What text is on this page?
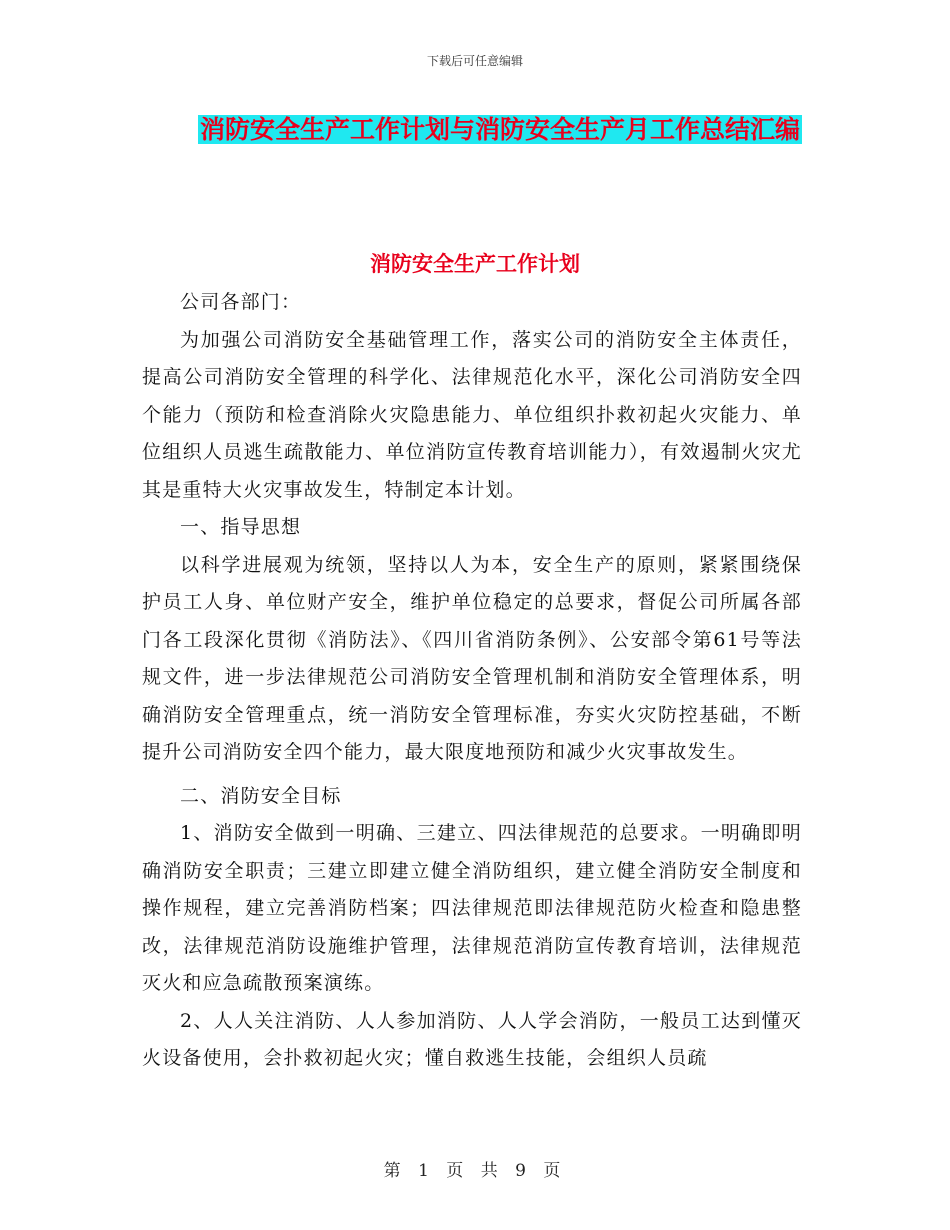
下载后可任意编辑
消防安全生产工作计划与消防安全生产月工作总结汇编
消防安全生产工作计划

公司各部门：

为加强公司消防安全基础管理工作，落实公司的消防安全主体责任，提高公司消防安全管理的科学化、法律规范化水平，深化公司消防安全四个能力（预防和检查消除火灾隐患能力、单位组织扑救初起火灾能力、单位组织人员逃生疏散能力、单位消防宣传教育培训能力），有效遏制火灾尤其是重特大火灾事故发生，特制定本计划。

一、指导思想

以科学进展观为统领，坚持以人为本，安全生产的原则，紧紧围绕保护员工人身、单位财产安全，维护单位稳定的总要求，督促公司所属各部门各工段深化贯彻《消防法》、《四川省消防条例》、公安部令第61号等法规文件，进一步法律规范公司消防安全管理机制和消防安全管理体系，明确消防安全管理重点，统一消防安全管理标准，夯实火灾防控基础，不断提升公司消防安全四个能力，最大限度地预防和减少火灾事故发生。

二、消防安全目标

1、消防安全做到一明确、三建立、四法律规范的总要求。一明确即明确消防安全职责；三建立即建立健全消防组织，建立健全消防安全制度和操作规程，建立完善消防档案；四法律规范即法律规范防火检查和隐患整改，法律规范消防设施维护管理，法律规范消防宣传教育培训，法律规范灭火和应急疏散预案演练。

2、人人关注消防、人人参加消防、人人学会消防，一般员工达到懂灭火设备使用，会扑救初起火灾；懂自救逃生技能，会组织人员疏

第 1 页 共 9 页
